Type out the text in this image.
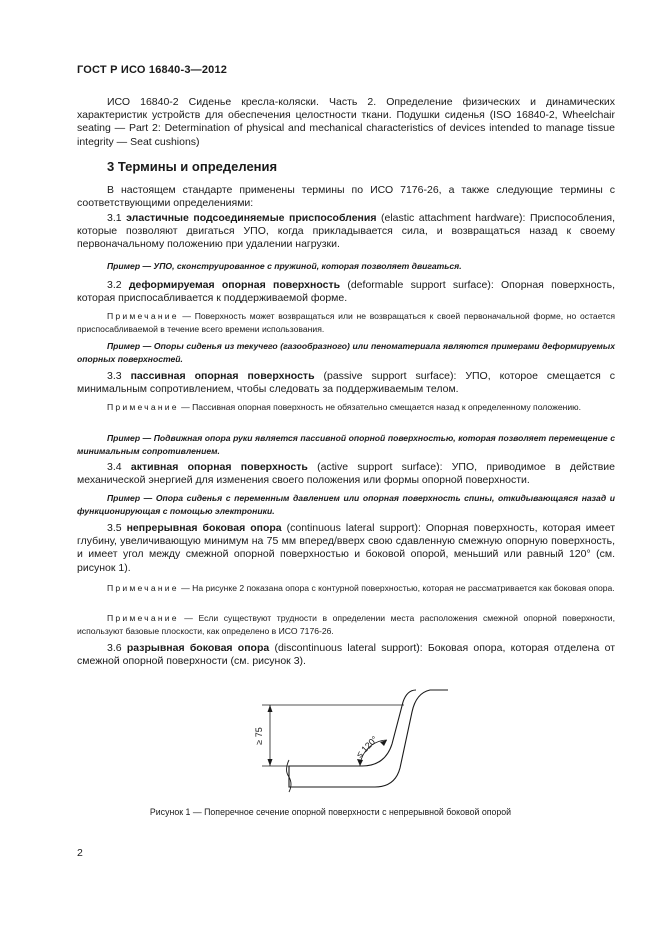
ГОСТ Р ИСО 16840-3—2012
ИСО 16840-2 Сиденье кресла-коляски. Часть 2. Определение физических и динамических характеристик устройств для обеспечения целостности ткани. Подушки сиденья (ISO 16840-2, Wheelchair seating — Part 2: Determination of physical and mechanical characteristics of devices intended to manage tissue integrity — Seat cushions)
3 Термины и определения
В настоящем стандарте применены термины по ИСО 7176-26, а также следующие термины с соответствующими определениями:
3.1 эластичные подсоединяемые приспособления (elastic attachment hardware): Приспособления, которые позволяют двигаться УПО, когда прикладывается сила, и возвращаться назад к своему первоначальному положению при удалении нагрузки.
Пример — УПО, сконструированное с пружиной, которая позволяет двигаться.
3.2 деформируемая опорная поверхность (deformable support surface): Опорная поверхность, которая приспосабливается к поддерживаемой форме.
Примечание — Поверхность может возвращаться или не возвращаться к своей первоначальной форме, но остается приспосабливаемой в течение всего времени использования.
Пример — Опоры сиденья из текучего (газообразного) или пеноматериала являются примерами деформируемых опорных поверхностей.
3.3 пассивная опорная поверхность (passive support surface): УПО, которое смещается с минимальным сопротивлением, чтобы следовать за поддерживаемым телом.
Примечание — Пассивная опорная поверхность не обязательно смещается назад к определенному положению.
Пример — Подвижная опора руки является пассивной опорной поверхностью, которая позволяет перемещение с минимальным сопротивлением.
3.4 активная опорная поверхность (active support surface): УПО, приводимое в действие механической энергией для изменения своего положения или формы опорной поверхности.
Пример — Опора сиденья с переменным давлением или опорная поверхность спины, откидывающаяся назад и функционирующая с помощью электроники.
3.5 непрерывная боковая опора (continuous lateral support): Опорная поверхность, которая имеет глубину, увеличивающую минимум на 75 мм вперед/вверх свою сдавленную смежную опорную поверхность, и имеет угол между смежной опорной поверхностью и боковой опорой, меньший или равный 120° (см. рисунок 1).
Примечание — На рисунке 2 показана опора с контурной поверхностью, которая не рассматривается как боковая опора.
Примечание — Если существуют трудности в определении места расположения смежной опорной поверхности, используют базовые плоскости, как определено в ИСО 7176-26.
3.6 разрывная боковая опора (discontinuous lateral support): Боковая опора, которая отделена от смежной опорной поверхности (см. рисунок 3).
≥ 75	≤ 120°
Рисунок 1 — Поперечное сечение опорной поверхности с непрерывной боковой опорой
2
